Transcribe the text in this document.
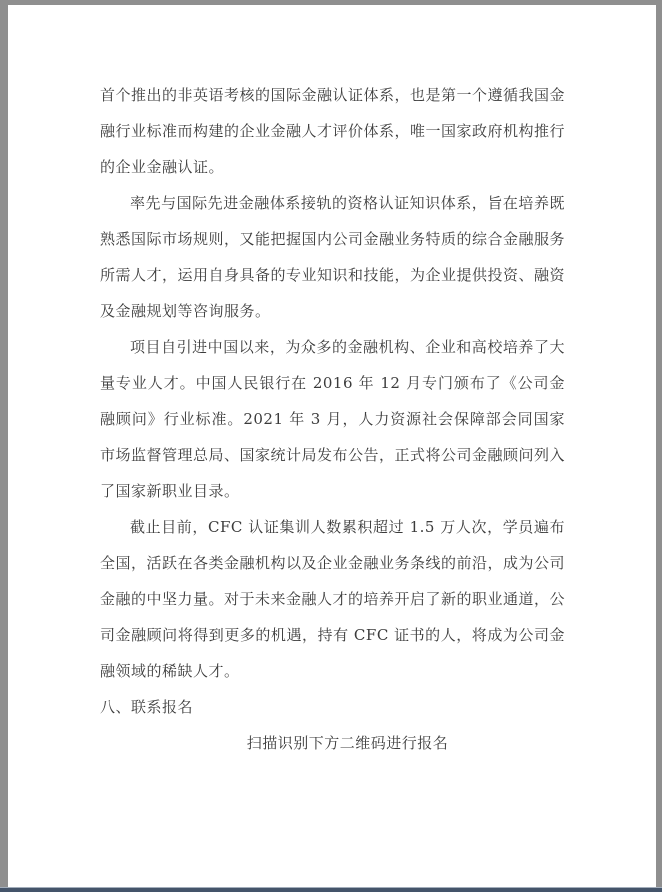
首个推出的非英语考核的国际金融认证体系，也是第一个遵循我国金融行业标准而构建的企业金融人才评价体系，唯一国家政府机构推行的企业金融认证。

率先与国际先进金融体系接轨的资格认证知识体系，旨在培养既熟悉国际市场规则，又能把握国内公司金融业务特质的综合金融服务所需人才，运用自身具备的专业知识和技能，为企业提供投资、融资及金融规划等咨询服务。

项目自引进中国以来，为众多的金融机构、企业和高校培养了大量专业人才。中国人民银行在 2016 年 12 月专门颁布了《公司金融顾问》行业标准。2021 年 3 月，人力资源社会保障部会同国家市场监督管理总局、国家统计局发布公告，正式将公司金融顾问列入了国家新职业目录。

截止目前，CFC 认证集训人数累积超过 1.5 万人次，学员遍布全国，活跃在各类金融机构以及企业金融业务条线的前沿，成为公司金融的中坚力量。对于未来金融人才的培养开启了新的职业通道，公司金融顾问将得到更多的机遇，持有 CFC 证书的人，将成为公司金融领域的稀缺人才。

八、联系报名

扫描识别下方二维码进行报名
